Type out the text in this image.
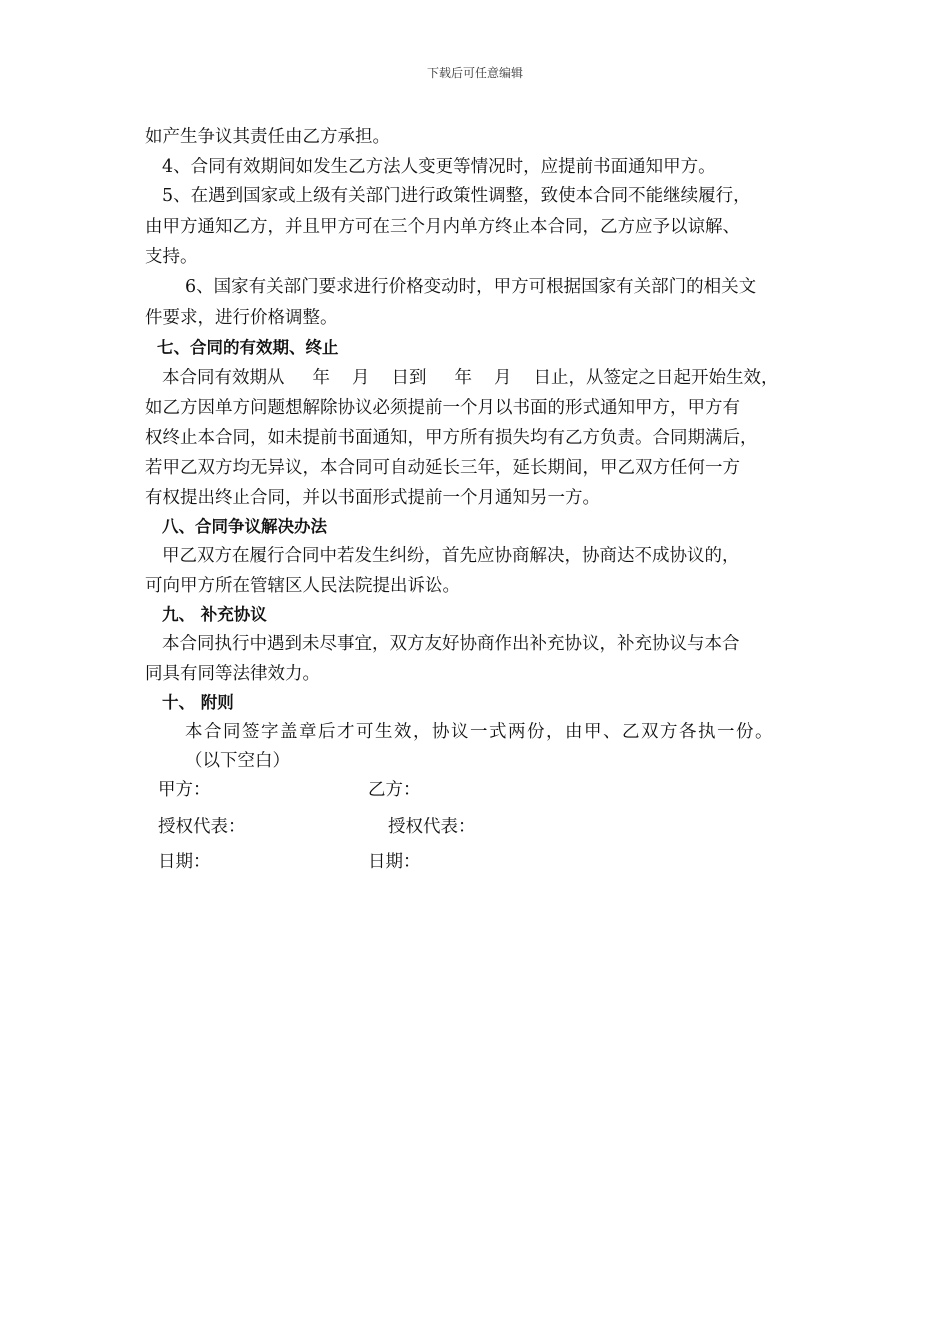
下载后可任意编辑
如产生争议其责任由乙方承担。
4、合同有效期间如发生乙方法人变更等情况时，应提前书面通知甲方。
5、在遇到国家或上级有关部门进行政策性调整，致使本合同不能继续履行，
由甲方通知乙方，并且甲方可在三个月内单方终止本合同，乙方应予以谅解、
支持。
6、国家有关部门要求进行价格变动时，甲方可根据国家有关部门的相关文
件要求，进行价格调整。
七、合同的有效期、终止
本合同有效期从 年 月 日到 年 月 日止，从签定之日起开始生效，
如乙方因单方问题想解除协议必须提前一个月以书面的形式通知甲方，甲方有
权终止本合同，如未提前书面通知，甲方所有损失均有乙方负责。合同期满后，
若甲乙双方均无异议，本合同可自动延长三年，延长期间，甲乙双方任何一方
有权提出终止合同，并以书面形式提前一个月通知另一方。
八、合同争议解决办法
甲乙双方在履行合同中若发生纠纷，首先应协商解决，协商达不成协议的，
可向甲方所在管辖区人民法院提出诉讼。
九、 补充协议
本合同执行中遇到未尽事宜，双方友好协商作出补充协议，补充协议与本合
同具有同等法律效力。
十、 附则
本合同签字盖章后才可生效，协议一式两份，由甲、乙双方各执一份。
（以下空白）
甲方：	乙方：
授权代表：	授权代表：
日期：	日期：
